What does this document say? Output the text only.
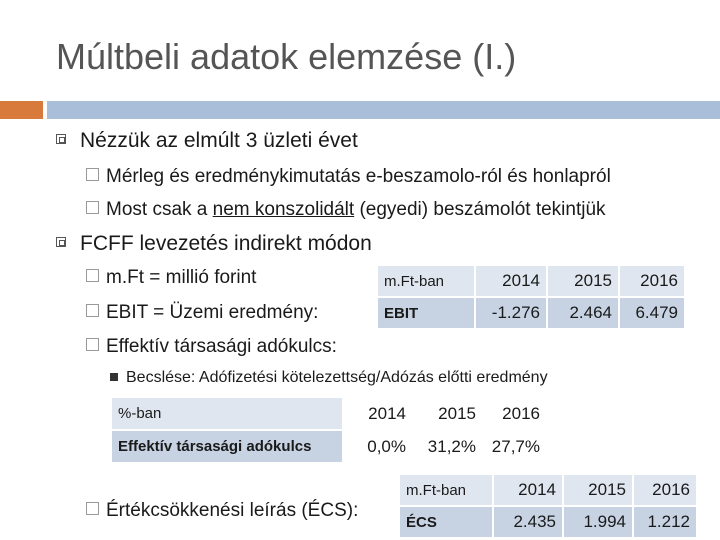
Múltbeli adatok elemzése (I.)
Nézzük az elmúlt 3 üzleti évet
Mérleg és eredménykimutatás e-beszamolo-ról és honlapról
Most csak a nem konszolidált (egyedi) beszámolót tekintjük
FCFF levezetés indirekt módon
m.Ft = millió forint
EBIT = Üzemi eredmény:
Effektív társasági adókulcs:
Becslése: Adófizetési kötelezettség/Adózás előtti eredmény
Értékcsökkenési leírás (ÉCS):
m.Ft-ban	2014	2015	2016
EBIT	-1.276	2.464	6.479
%-ban	2014	2015	2016
Effektív társasági adókulcs	0,0%	31,2%	27,7%
m.Ft-ban	2014	2015	2016
ÉCS	2.435	1.994	1.212
